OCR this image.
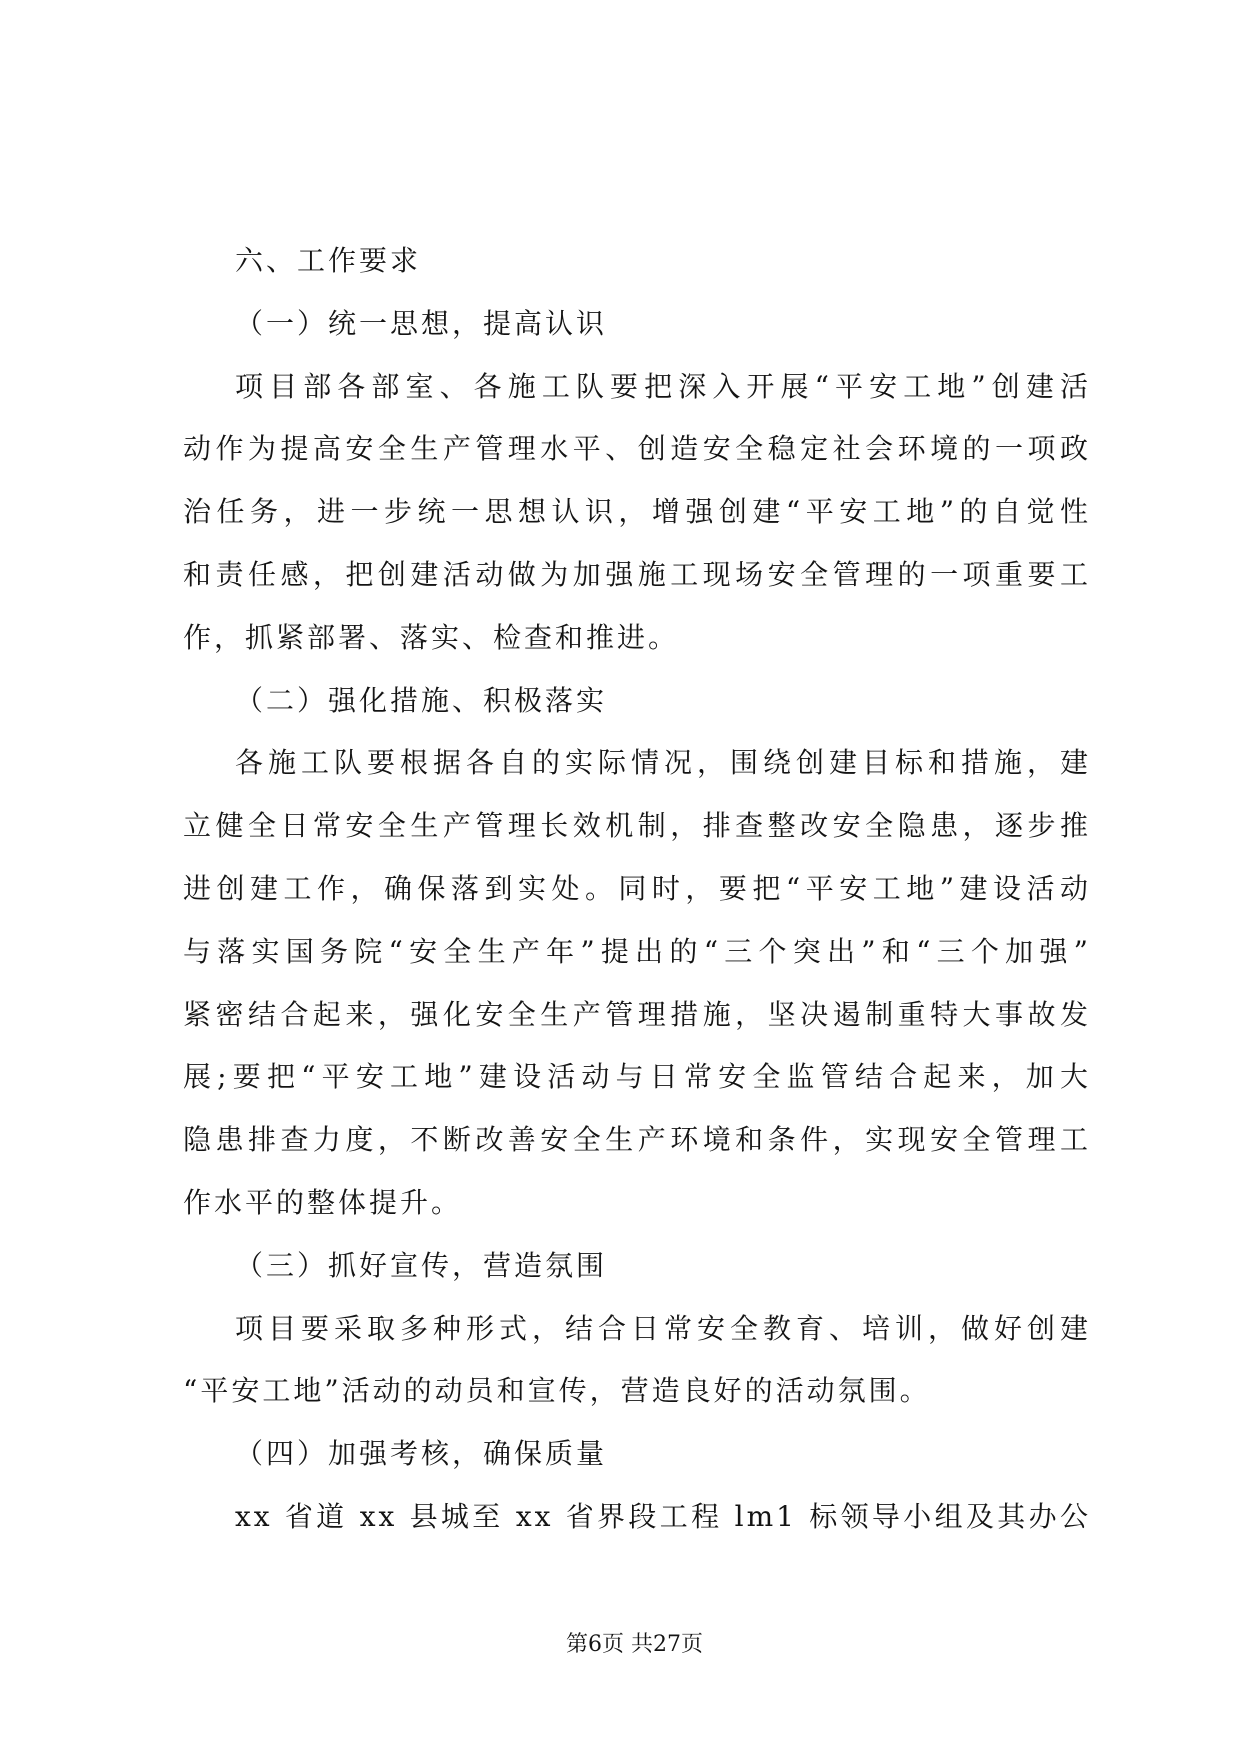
六、工作要求
（一）统一思想，提高认识
项目部各部室、各施工队要把深入开展“平安工地”创建活
动作为提高安全生产管理水平、创造安全稳定社会环境的一项政
治任务，进一步统一思想认识，增强创建“平安工地”的自觉性
和责任感，把创建活动做为加强施工现场安全管理的一项重要工
作，抓紧部署、落实、检查和推进。
（二）强化措施、积极落实
各施工队要根据各自的实际情况，围绕创建目标和措施，建
立健全日常安全生产管理长效机制，排查整改安全隐患，逐步推
进创建工作，确保落到实处。同时，要把“平安工地”建设活动
与落实国务院“安全生产年”提出的“三个突出”和“三个加强”
紧密结合起来，强化安全生产管理措施，坚决遏制重特大事故发
展;要把“平安工地”建设活动与日常安全监管结合起来，加大
隐患排查力度，不断改善安全生产环境和条件，实现安全管理工
作水平的整体提升。
（三）抓好宣传，营造氛围
项目要采取多种形式，结合日常安全教育、培训，做好创建
“平安工地”活动的动员和宣传，营造良好的活动氛围。
（四）加强考核，确保质量
xx 省道 xx 县城至 xx 省界段工程 lm1 标领导小组及其办公
第6页 共27页
